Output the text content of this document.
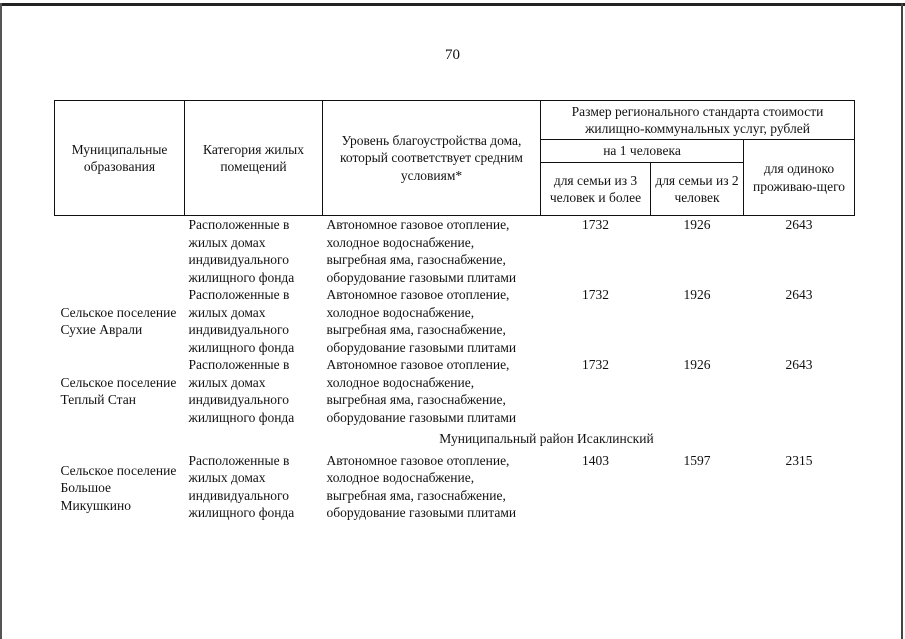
70
Муниципальные образования	Категория жилых помещений	Уровень благоустройства дома, который соответствует средним условиям*	Размер регионального стандарта стоимости жилищно-коммунальных услуг, рублей		
			на 1 человека		для одиноко проживаю-щего
			для семьи из 3 человек и более	для семьи из 2 человек	
	Расположенные в жилых домах индивидуального жилищного фонда	Автономное газовое отопление, холодное водоснабжение, выгребная яма, газоснабжение, оборудование газовыми плитами	1732	1926	2643
Сельское поселение Сухие Аврали	Расположенные в жилых домах индивидуального жилищного фонда	Автономное газовое отопление, холодное водоснабжение, выгребная яма, газоснабжение, оборудование газовыми плитами	1732	1926	2643
Сельское поселение Теплый Стан	Расположенные в жилых домах индивидуального жилищного фонда	Автономное газовое отопление, холодное водоснабжение, выгребная яма, газоснабжение, оборудование газовыми плитами	1732	1926	2643
Муниципальный район Исаклинский					
Сельское поселение Большое Микушкино	Расположенные в жилых домах индивидуального жилищного фонда	Автономное газовое отопление, холодное водоснабжение, выгребная яма, газоснабжение, оборудование газовыми плитами	1403	1597	2315
